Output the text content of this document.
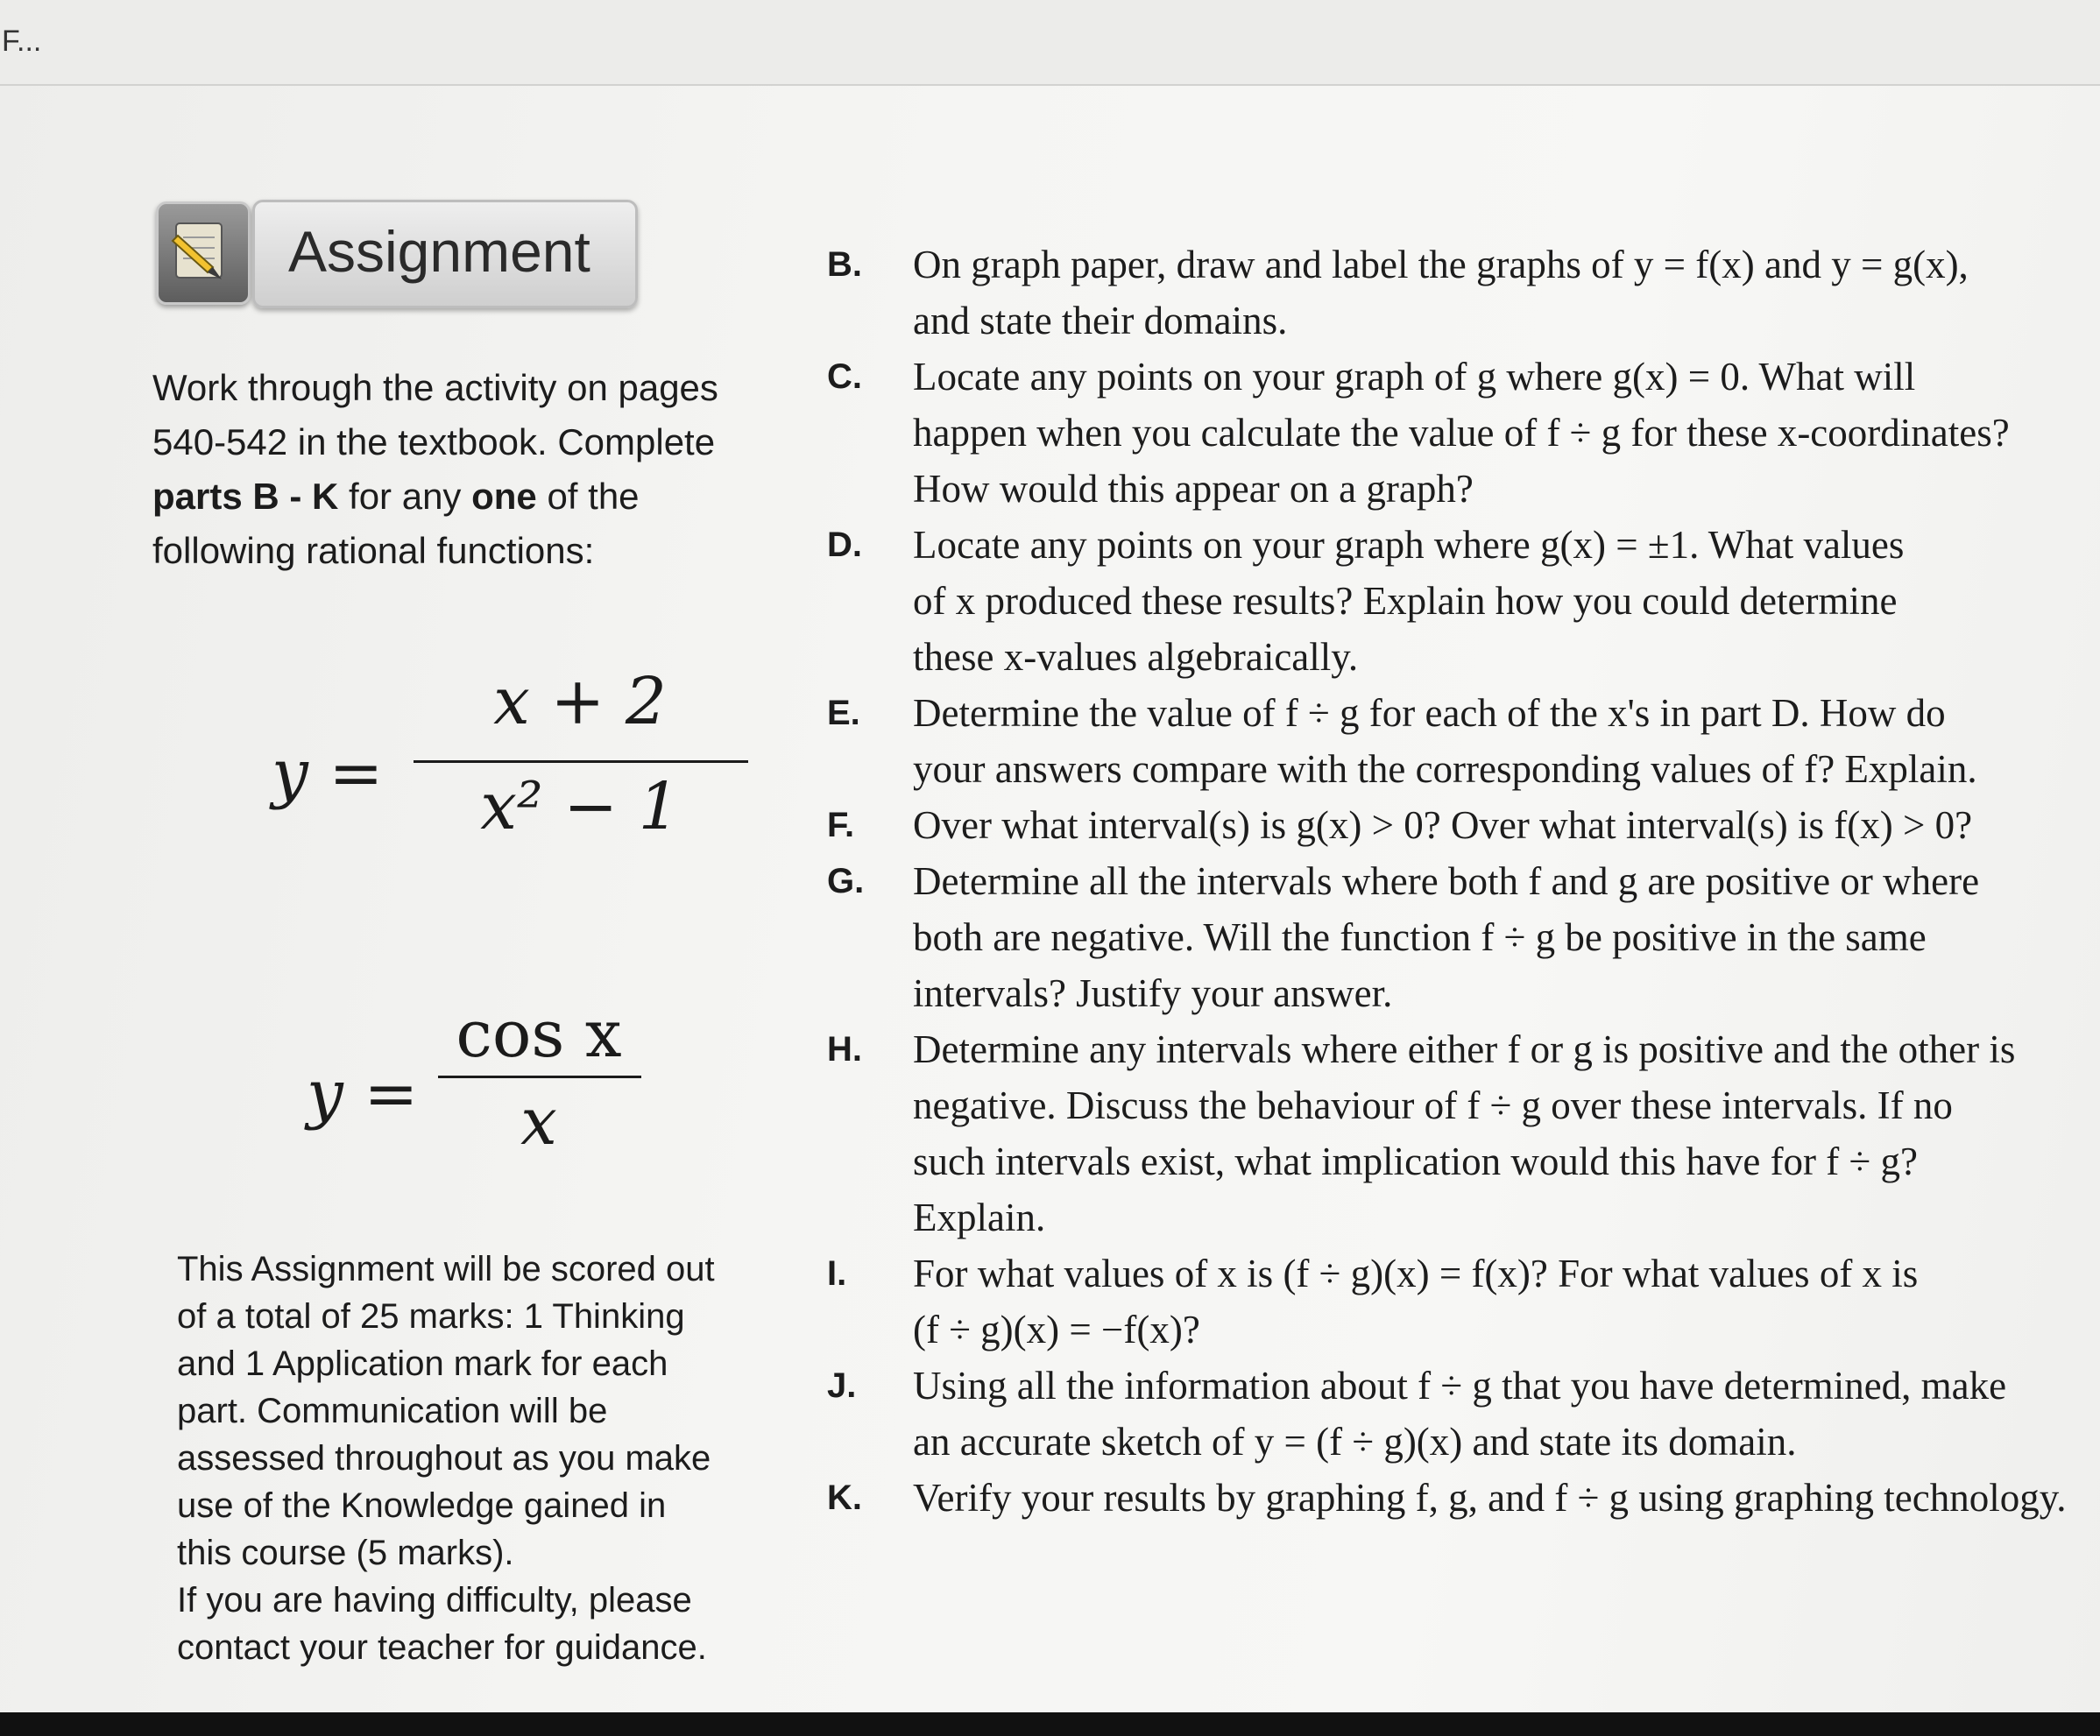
F...
Assignment
Work through the activity on pages
540-542 in the textbook. Complete
parts B - K for any one of the
following rational functions:
y =
x + 2
x² − 1
y =
cos x
x
This Assignment will be scored out
of a total of 25 marks: 1 Thinking
and 1 Application mark for each
part. Communication will be
assessed throughout as you make
use of the Knowledge gained in
this course (5 marks).
If you are having difficulty, please
contact your teacher for guidance.
B.	On graph paper, draw and label the graphs of y = f(x) and y = g(x),
and state their domains.
C.	Locate any points on your graph of g where g(x) = 0. What will
happen when you calculate the value of f ÷ g for these x-coordinates?
How would this appear on a graph?
D.	Locate any points on your graph where g(x) = ±1. What values
of x produced these results? Explain how you could determine
these x-values algebraically.
E.	Determine the value of f ÷ g for each of the x's in part D. How do
your answers compare with the corresponding values of f? Explain.
F.	Over what interval(s) is g(x) > 0? Over what interval(s) is f(x) > 0?
G.	Determine all the intervals where both f and g are positive or where
both are negative. Will the function f ÷ g be positive in the same
intervals? Justify your answer.
H.	Determine any intervals where either f or g is positive and the other is
negative. Discuss the behaviour of f ÷ g over these intervals. If no
such intervals exist, what implication would this have for f ÷ g?
Explain.
I.	For what values of x is (f ÷ g)(x) = f(x)? For what values of x is
(f ÷ g)(x) = −f(x)?
J.	Using all the information about f ÷ g that you have determined, make
an accurate sketch of y = (f ÷ g)(x) and state its domain.
K.	Verify your results by graphing f, g, and f ÷ g using graphing technology.
